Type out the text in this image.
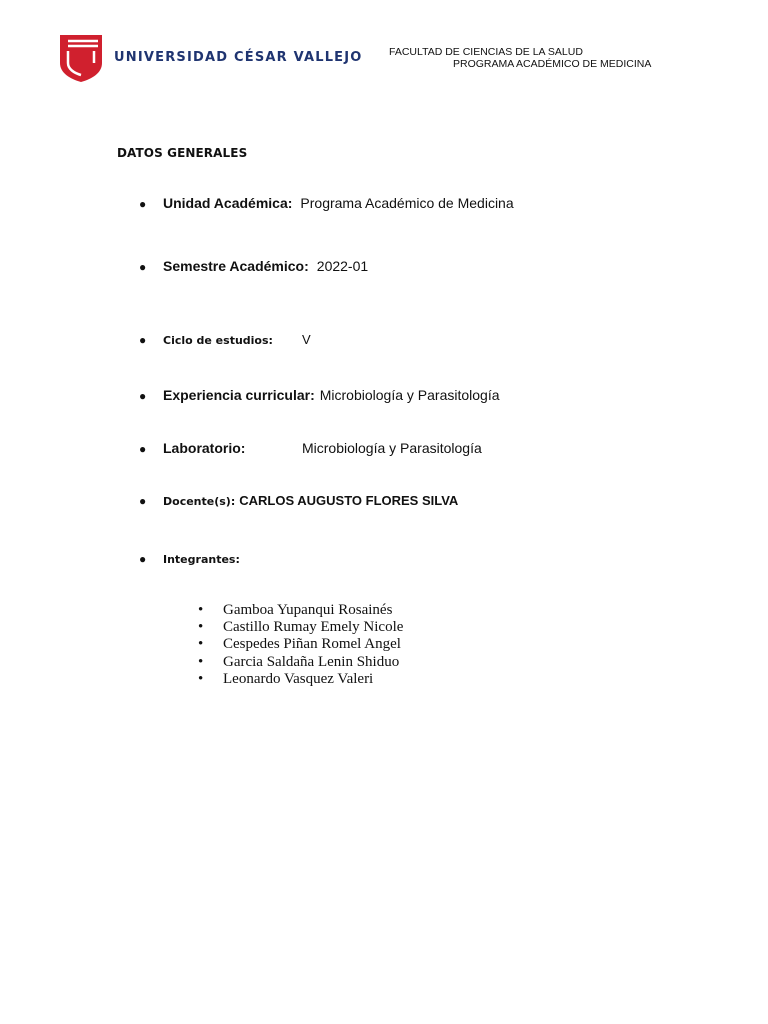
UNIVERSIDAD CÉSAR VALLEJO	FACULTAD DE CIENCIAS DE LA SALUD
PROGRAMA ACADÉMICO DE MEDICINA
DATOS GENERALES
●	Unidad Académica: Programa Académico de Medicina
●	Semestre Académico: 2022-01
●	Ciclo de estudios:	V
●	Experiencia curricular: Microbiología y Parasitología
●	Laboratorio:	Microbiología y Parasitología
●	Docente(s): CARLOS AUGUSTO FLORES SILVA
●	Integrantes:
•	Gamboa Yupanqui Rosainés
•	Castillo Rumay Emely Nicole
•	Cespedes Piñan Romel Angel
•	Garcia Saldaña Lenin Shiduo
•	Leonardo Vasquez Valeri
